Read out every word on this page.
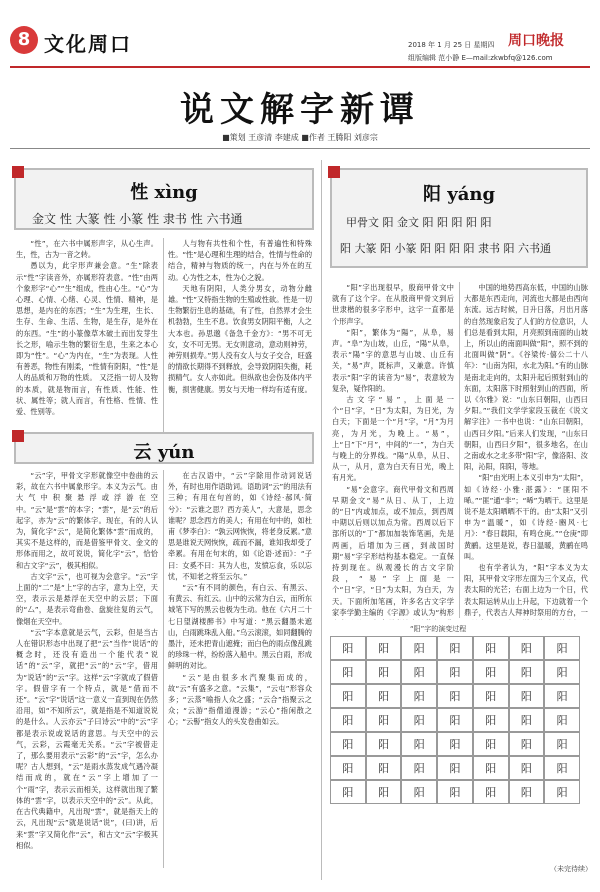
8 文化周口	2018 年 1 月 25 日 星期四
组版编辑 范小静 E—mail:zkwbfq@126.com
周口晚报
说文解字新谭
■策划 王彦清 李建成 ■作者 王腾阳 刘彦宗
性 xìng
金文 性 大篆 性 小篆 性 隶书 性 六书通

“性”，在六书中属形声字，从心生声。生，性，古为一音之转。

愚以为，此字形声兼会意。“生”除表示“性”字读音外，亦属形符表意。“性”由两个象形字“心”“生”组成，性由心生。“心”为心理、心情、心绪、心灵、性情、精神，是思想，是内在的东西；“生”为生理，生长、生存、生命、生活、生物，是生存，是外在的东西。“生”的小篆像草木破土而出发芽生长之形，喻示生物的繁衍生息，生来之本心即为“性”。“心”为内在，“生”为表现。人性有善恶，物性有刚柔，“性情有阴阳，“性”是人的品质和万物的性质。 又泛指一切人及物的本质，就是物而言，有性质、性能、性状、属性等；就人而言，有性格、性情、性爱、性别等。

人与物有共性和个性，有普遍性和特殊性。“性”是心理和生理的结合，性情与性命的结合，精神与物质的统一，内在与外在的互动。心为性之本，性为心之貌。

天地有阴阳，人类分男女，动物分雌雄。“性”又特指生物的生殖或性欲。性是一切生物繁衍生息的基础，有了性，自然界才会生机勃勃，生生不息。饮食男女阴阳平衡，人之大本也。孙思邈《备急千金方》：“男不可无女，女不可无男。无女则意动，意动则神劳，神劳则损寿。”男人没有女人与女子交合，旺盛的情欲长期得不到释放，会导致阴阳失衡，耗损精气。女人亦如此。但纵欲也会伤及体内平衡，损害健康。男女与天地一样均有适有度。

云 yún

“云”字，甲骨文字形就像空中卷曲的云彩，故在六书中属象形字。本义为云气。由大气中积聚悬浮或浮游在空中。“云”是“雲”的本字；“雲”，是“云”的后起字，亦为“云”的繁体字。现在，有的人认为，简化字“云”，是简化繁体“雲”而成的，其实不是这样的，而是借鉴甲骨文、金文的形体而用之，故可说说，简化字“云”，恰恰和古文字“云”，极其相似。

古文字“云”，也可视为会意字。“云”字上面的“二”是“上”字的古字，意为上空，天空，表示云是悬浮在天空中的云层；下面的“厶”，是表示弯曲卷、盘旋往复的云气，像烟在天空中。

“云”字本意就是云气，云彩，但是当古人在错识形态中出现了把“云”当作“说话”的概念时，还没有造出一个能代表“说话”的“云”字，就把“云”的“云”字，借用为“说话”的“云”字。这样“云”字就成了假借字。假借字有一个特点，就是“借而不还”。“云”字“说话”这一意义一直到现在仍然沿用，如“不知所云”，就是指是不知道说说的是什么。人云亦云”子曰诗云“中的“云”字都是表示说或说话的意思。与天空中的云气，云彩，云霞毫无关系。“云”字被借走了，那么要用表示“云彩”的“云”字，怎么办呢？古人想到，“云”是雨水蒸发成气遇冷凝结而成的，就在“云”字上增加了一个“雨”字，表示云而相关，这样就出现了繁体的“雲”字，以表示天空中的“云”。从此，在古代典籍中，凡出现“雲”，就是指天上的云，凡出现“云”就是说话“说”，(曰)讲，后来“雲”字又简化作“云”，和古文“云”字极其相似。

在古汉语中，“云”字除用作动词说话外，有时也用作语助词。语助词“云”的用法有三种；有用在句首的，如《诗经·郝风·简兮》：“云谁之思？西方美人”，大意是，思念谁呢？思念西方的美人；有用在句中的，如杜甫《梦李白》：“孰云网恢恢，将老身反累。”意思是谁说天网恢恢，疏而不漏，谁知我却受了牵累。有用在句末的，如《论语·述而》：“子曰：女奚不曰：其为人也，发愤忘食，乐以忘忧，不知老之将至云尔。”

“云”有不同的颜色，有白云、有黑云、有黄云、有红云。山中的云常为白云，而所东城笔下写的黑云也极为生动。他在《六月二十七日望湖楼醉书》中写道：“黑云翻墨未遮山，白雨跳珠乱入船。”乌云滚滚，如同翻腾的墨汁，还未把青山遮掩；而白色的雨点像乱跳的珍珠一样，纷纷落入船中。黑云白雨，形成鲜明的对比。

“云”是由很多水汽聚集而成的，故“云”有盛多之意。“云集”，“云屯”形容众多；“云蒸”喻指人众之盛；“云合”指聚云之众；“云游”指僧道漫游；“云心”指闲散之心；“云髻”指女人的头发卷曲如云。

阳 yáng
甲骨文 阳 金文 阳 阳 阳 阳 阳
阳 大篆 阳 小篆 阳 阳 阳 阳 隶书 阳 六书通

“阳”字出现很早，殷商甲骨文中就有了这个字。在从殷商甲骨文到后世隶楷的很多字形中，这字一直都是个形声字。

“阳”，繁体为“陽”，从阜，易声。“阜”为山坡，山丘，“陽”从阜，表示“陽”字的意思与山坡、山丘有关，“易”声，既标声，又兼意。许慎表示“阳”字的读音为“易”，表意较为复杂，疑作阳的。

古文字“易”，上面是一个“日”字，“日”为太阳，为日光，为白天；下面是一个“月”字，“月”为月亮，为月光，为晚上。“易”，上“日”下“月”，中间的“一”，为白天与晚上的分界线。“陽”从阜，从日、从一，从月，意为白天有日光，晚上有月光。

“易”会意字。商代甲骨文和西周早期金文“易”从日、从丁，上边的“日”内或加点，或不加点，到西周中期以后则以加点为常。西周以后下部所以的“丁”都加加装饰笔画，先是两画，后增加为三画，到战国时期“易”字字形结构基本稳定。一直保持到现在。纵观漫长的古文字阶段，“易”字上面是一个“日”字，“日”为太阳，为白天，为天。下面所加笔画，许多名古文字学家李学勤主编的《字源》或认为“构形

中国的地势西高东低，中国的山脉大都是东西走向，河流也大都是由西向东流。远古时候，日升日落，月出月落的自然现象启发了人们的方位意识，人们总是看到太阳，月亮照到南面的山坡上，所以山的南面叫做“阳”，照不到的北面叫做“阴”。《谷梁传·僖公二十八年》：“山南为阳，水北为阳。”有的山脉是南北走向的，太阳升起后照射到山的东面，太阳落下时照射到山的西面，所以《尔雅》说：“山东曰朝阳，山西曰夕阳。”“我们文学学家段玉裁在《说文解字注》一书中也说：“山东曰朝阳，山西曰夕阳。”后来人们发现，“山东曰朝阳，山西曰夕阳”，很多地名，在山之南或水之北多带“阳”字，像洛阳、汝阳，沁阳，阳阳，等地。

“阳”由光明上本义引申为“太阳”，如《诗经·小雅·湛露》：“匪阳不晞。”“匪”通“非”；“晞”为晒干。这里是说不是太阳晒晒不干的。由“太阳”又引申为“温暖”，如《诗经·豳风·七月》：“春日载阳，有鸣仓庚。”“仓庚”即黄鹂。这里是说，春日温暖，黄鹂在鸣叫。

也有学者认为，“阳”字本义为太阳，其甲骨文字形左面为三个叉点，代表太阳的光芒；右面上边为一个日，代表太阳运转从山上升起，下边就着一个鼎子，代表古人拜神时祭用的方台，一

“阳”字的演变过程
阳	阳	阳	阳	阳	阳	阳
阳	阳	阳	阳	阳	阳	阳
阳	阳	阳	阳	阳	阳	阳
阳	阳	阳	阳	阳	阳	阳
阳	阳	阳	阳	阳	阳	阳
阳	阳	阳	阳	阳	阳	阳
阳	阳	阳	阳	阳	阳	阳
（未完待续）
